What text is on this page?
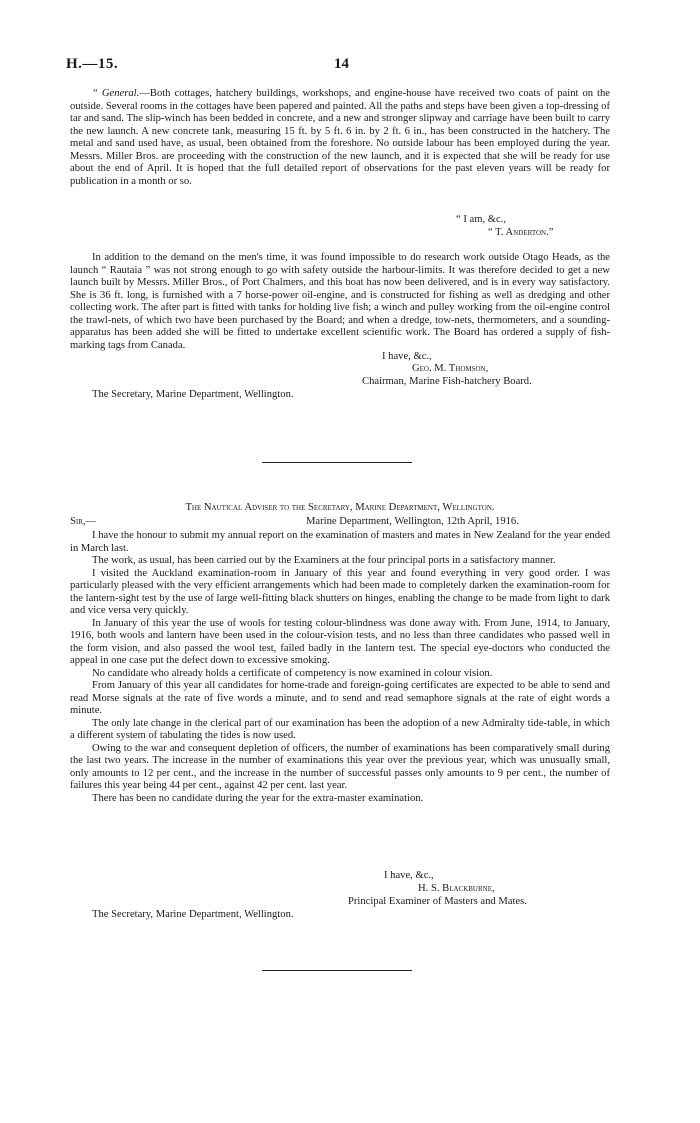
H.—15.	14

“ General.—Both cottages, hatchery buildings, workshops, and engine-house have received two coats of paint on the outside. Several rooms in the cottages have been papered and painted. All the paths and steps have been given a top-dressing of tar and sand. The slip-winch has been bedded in concrete, and a new and stronger slipway and carriage have been built to carry the new launch. A new concrete tank, measuring 15 ft. by 5 ft. 6 in. by 2 ft. 6 in., has been constructed in the hatchery. The metal and sand used have, as usual, been obtained from the foreshore. No outside labour has been employed during the year. Messrs. Miller Bros. are proceeding with the construction of the new launch, and it is expected that she will be ready for use about the end of April. It is hoped that the full detailed report of observations for the past eleven years will be ready for publication in a month or so.

“ I am, &c.,
“ T. Anderton.”

In addition to the demand on the men's time, it was found impossible to do research work outside Otago Heads, as the launch “ Rautaia ” was not strong enough to go with safety outside the harbour-limits. It was therefore decided to get a new launch built by Messrs. Miller Bros., of Port Chalmers, and this boat has now been delivered, and is in every way satisfactory. She is 36 ft. long, is furnished with a 7 horse-power oil-engine, and is constructed for fishing as well as dredging and other collecting work. The after part is fitted with tanks for holding live fish; a winch and pulley working from the oil-engine control the trawl-nets, of which two have been purchased by the Board; and when a dredge, tow-nets, thermometers, and a sounding-apparatus has been added she will be fitted to undertake excellent scientific work. The Board has ordered a supply of fish-marking tags from Canada.

I have, &c.,
Geo. M. Thomson,
Chairman, Marine Fish-hatchery Board.
The Secretary, Marine Department, Wellington.
The Nautical Adviser to the Secretary, Marine Department, Wellington.
Sir,—	Marine Department, Wellington, 12th April, 1916.

I have the honour to submit my annual report on the examination of masters and mates in New Zealand for the year ended in March last.

The work, as usual, has been carried out by the Examiners at the four principal ports in a satisfactory manner.

I visited the Auckland examination-room in January of this year and found everything in very good order. I was particularly pleased with the very efficient arrangements which had been made to completely darken the examination-room for the lantern-sight test by the use of large well-fitting black shutters on hinges, enabling the change to be made from light to dark and vice versa very quickly.

In January of this year the use of wools for testing colour-blindness was done away with. From June, 1914, to January, 1916, both wools and lantern have been used in the colour-vision tests, and no less than three candidates who passed well in the form vision, and also passed the wool test, failed badly in the lantern test. The special eye-doctors who conducted the appeal in one case put the defect down to excessive smoking.

No candidate who already holds a certificate of competency is now examined in colour vision.

From January of this year all candidates for home-trade and foreign-going certificates are expected to be able to send and read Morse signals at the rate of five words a minute, and to send and read semaphore signals at the rate of eight words a minute.

The only late change in the clerical part of our examination has been the adoption of a new Admiralty tide-table, in which a different system of tabulating the tides is now used.

Owing to the war and consequent depletion of officers, the number of examinations has been comparatively small during the last two years. The increase in the number of examinations this year over the previous year, which was unusually small, only amounts to 12 per cent., and the increase in the number of successful passes only amounts to 9 per cent., the number of failures this year being 44 per cent., against 42 per cent. last year.

There has been no candidate during the year for the extra-master examination.

I have, &c.,
H. S. Blackburne,
Principal Examiner of Masters and Mates.
The Secretary, Marine Department, Wellington.
